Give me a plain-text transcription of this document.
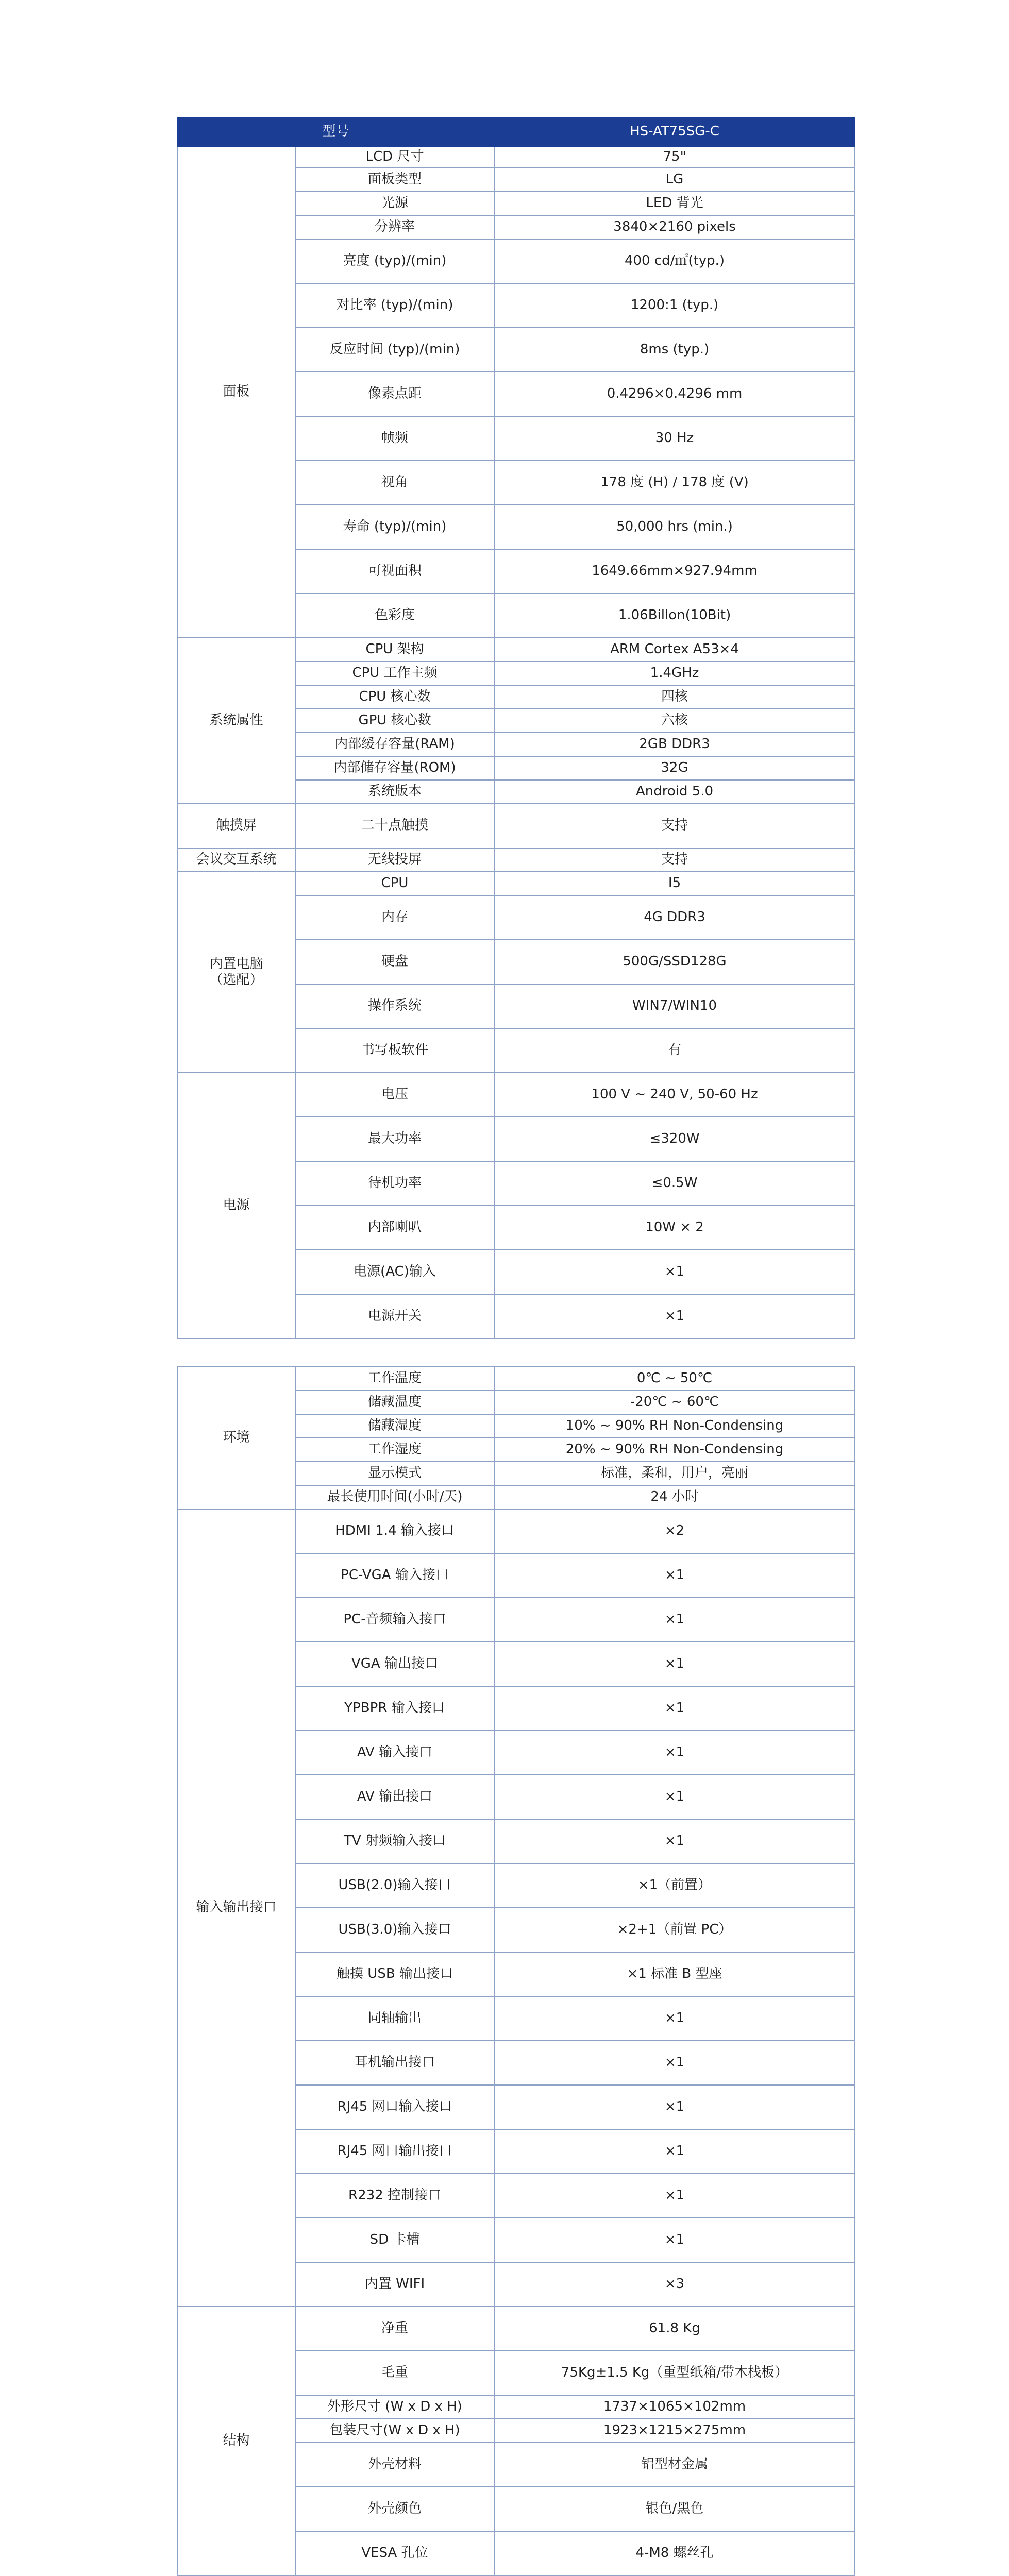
型号		HS-AT75SG-C
面板	LCD 尺寸	75"
	面板类型	LG
	光源	LED 背光
	分辨率	3840×2160 pixels
	亮度 (typ)/(min)	400 cd/㎡(typ.)
	对比率 (typ)/(min)	1200:1 (typ.)
	反应时间 (typ)/(min)	8ms (typ.)
	像素点距	0.4296×0.4296 mm
	帧频	30 Hz
	视角	178 度 (H) / 178 度 (V)
	寿命 (typ)/(min)	50,000 hrs (min.)
	可视面积	1649.66mm×927.94mm
	色彩度	1.06Billon(10Bit)
系统属性	CPU 架构	ARM Cortex A53×4
	CPU 工作主频	1.4GHz
	CPU 核心数	四核
	GPU 核心数	六核
	内部缓存容量(RAM)	2GB DDR3
	内部储存容量(ROM)	32G
	系统版本	Android 5.0
触摸屏	二十点触摸	支持
会议交互系统	无线投屏	支持
内置电脑
（选配）	CPU	I5
	内存	4G DDR3
	硬盘	500G/SSD128G
	操作系统	WIN7/WIN10
	书写板软件	有
电源	电压	100 V ~ 240 V, 50-60 Hz
	最大功率	≤320W
	待机功率	≤0.5W
	内部喇叭	10W × 2
	电源(AC)输入	×1
	电源开关	×1
环境	工作温度	0℃ ~ 50℃
	储藏温度	-20℃ ~ 60℃
	储藏湿度	10% ~ 90% RH Non-Condensing
	工作湿度	20% ~ 90% RH Non-Condensing
	显示模式	标准，柔和，用户，亮丽
	最长使用时间(小时/天)	24 小时
输入输出接口	HDMI 1.4 输入接口	×2
	PC-VGA 输入接口	×1
	PC-音频输入接口	×1
	VGA 输出接口	×1
	YPBPR 输入接口	×1
	AV 输入接口	×1
	AV 输出接口	×1
	TV 射频输入接口	×1
	USB(2.0)输入接口	×1（前置）
	USB(3.0)输入接口	×2+1（前置 PC）
	触摸 USB 输出接口	×1 标准 B 型座
	同轴输出	×1
	耳机输出接口	×1
	RJ45 网口输入接口	×1
	RJ45 网口输出接口	×1
	R232 控制接口	×1
	SD 卡槽	×1
	内置 WIFI	×3
结构	净重	61.8 Kg
	毛重	75Kg±1.5 Kg（重型纸箱/带木栈板）
	外形尺寸 (W x D x H)	1737×1065×102mm
	包装尺寸(W x D x H)	1923×1215×275mm
	外壳材料	铝型材金属
	外壳颜色	银色/黑色
	VESA 孔位	4-M8 螺丝孔
